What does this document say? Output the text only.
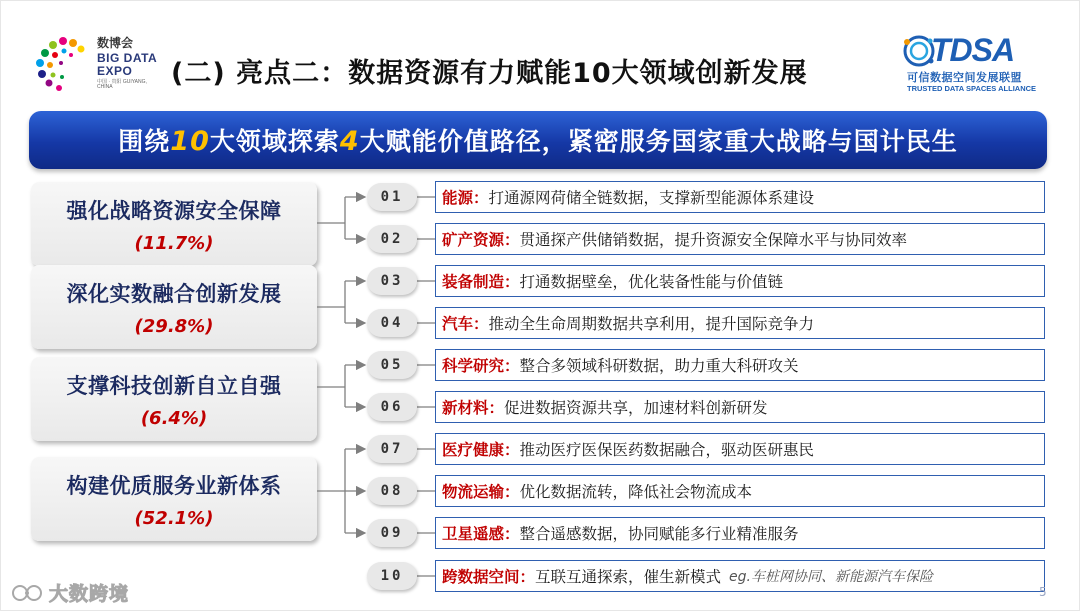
数博会
BIG DATA
EXPO
中国 · 贵阳 GUIYANG, CHINA	(二) 亮点二：数据资源有力赋能10大领域创新发展
TDSA
可信数据空间发展联盟
TRUSTED DATA SPACES ALLIANCE
围绕10大领域探索4大赋能价值路径，紧密服务国家重大战略与国计民生
强化战略资源安全保障
(11.7%)
深化实数融合创新发展
(29.8%)
支撑科技创新自立自强
(6.4%)
构建优质服务业新体系
(52.1%)
01
02
03
04
05
06
07
08
09
10
能源： 打通源网荷储全链数据，支撑新型能源体系建设
矿产资源： 贯通探产供储销数据，提升资源安全保障水平与协同效率
装备制造： 打通数据壁垒，优化装备性能与价值链
汽车： 推动全生命周期数据共享利用，提升国际竞争力
科学研究： 整合多领域科研数据，助力重大科研攻关
新材料： 促进数据资源共享，加速材料创新研发
医疗健康： 推动医疗医保医药数据融合，驱动医研惠民
物流运输： 优化数据流转，降低社会物流成本
卫星遥感： 整合遥感数据，协同赋能多行业精准服务
跨数据空间： 互联互通探索，催生新模式 eg.车桩网协同、新能源汽车保险
大数跨境	5
